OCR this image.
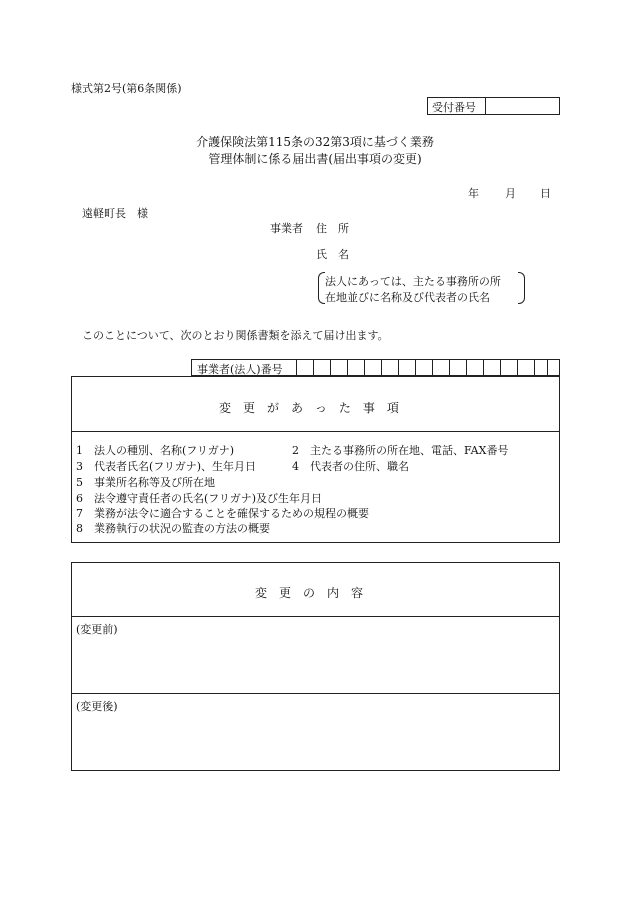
様式第2号(第6条関係)
受付番号
介護保険法第115条の32第3項に基づく業務
管理体制に係る届出書(届出事項の変更)
年 月 日
遠軽町長　様
事業者 住　所
氏　名
法人にあっては、主たる事務所の所
在地並びに名称及び代表者の氏名
このことについて、次のとおり関係書類を添えて届け出ます。
事業者(法人)番号
変更があった事項
1　法人の種別、名称(フリガナ)	2　主たる事務所の所在地、電話、FAX番号
3　代表者氏名(フリガナ)、生年月日	4　代表者の住所、職名
5　事業所名称等及び所在地
6　法令遵守責任者の氏名(フリガナ)及び生年月日
7　業務が法令に適合することを確保するための規程の概要
8　業務執行の状況の監査の方法の概要
変更の内容
(変更前)
(変更後)
